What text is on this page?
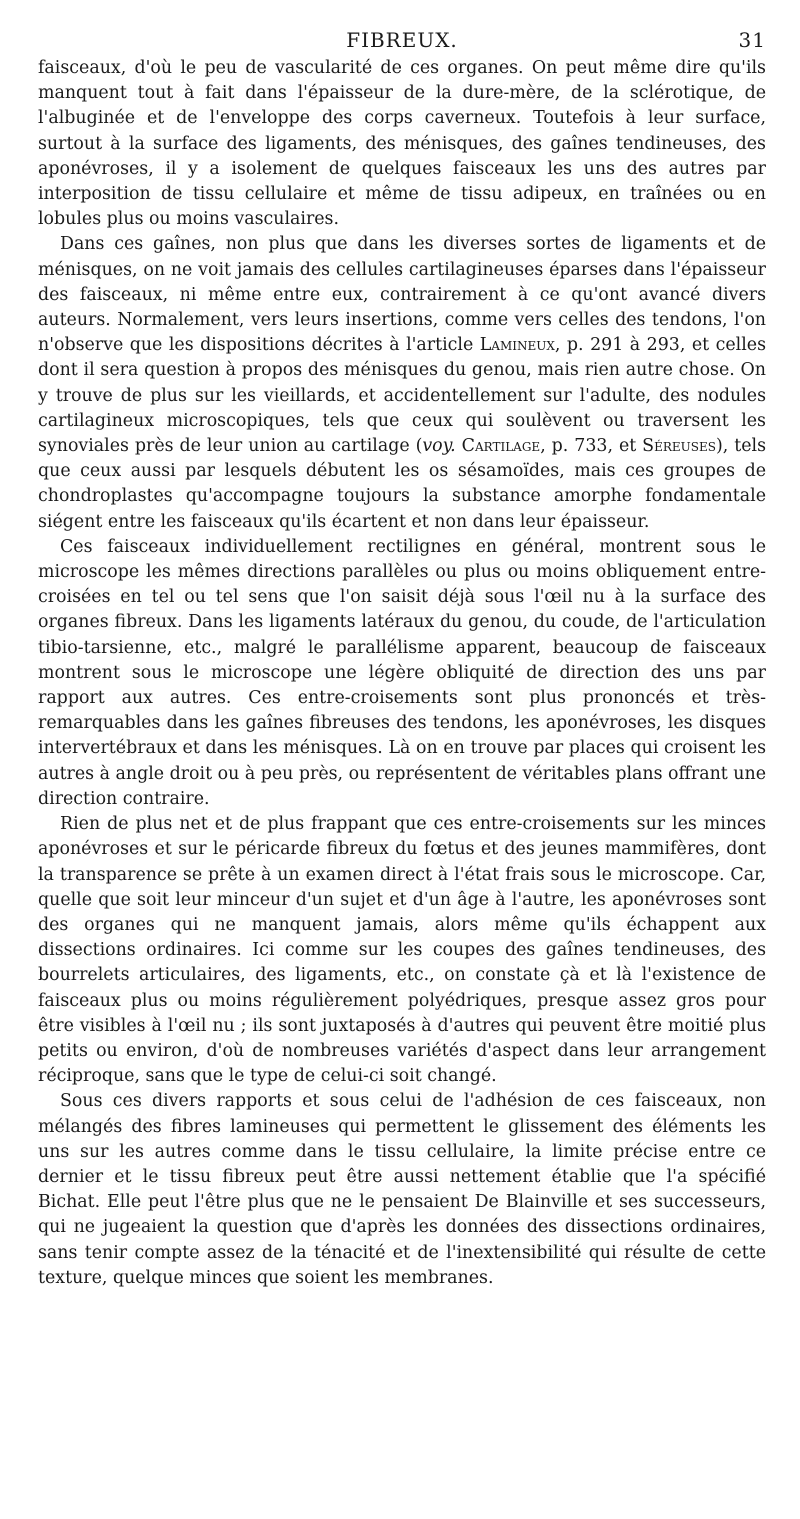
FIBREUX.	31

faisceaux, d'où le peu de vascularité de ces organes. On peut même dire qu'ils manquent tout à fait dans l'épaisseur de la dure-mère, de la sclérotique, de l'albuginée et de l'enveloppe des corps caverneux. Toutefois à leur surface, surtout à la surface des ligaments, des ménisques, des gaînes tendineuses, des aponévroses, il y a isolement de quelques faisceaux les uns des autres par interposition de tissu cellulaire et même de tissu adipeux, en traînées ou en lobules plus ou moins vasculaires.

Dans ces gaînes, non plus que dans les diverses sortes de ligaments et de ménisques, on ne voit jamais des cellules cartilagineuses éparses dans l'épaisseur des faisceaux, ni même entre eux, contrairement à ce qu'ont avancé divers auteurs. Normalement, vers leurs insertions, comme vers celles des tendons, l'on n'observe que les dispositions décrites à l'article Lamineux, p. 291 à 293, et celles dont il sera question à propos des ménisques du genou, mais rien autre chose. On y trouve de plus sur les vieillards, et accidentellement sur l'adulte, des nodules cartilagineux microscopiques, tels que ceux qui soulèvent ou traversent les synoviales près de leur union au cartilage (voy. Cartilage, p. 733, et Séreuses), tels que ceux aussi par lesquels débutent les os sésamoïdes, mais ces groupes de chondroplastes qu'accompagne toujours la substance amorphe fondamentale siégent entre les faisceaux qu'ils écartent et non dans leur épaisseur.

Ces faisceaux individuellement rectilignes en général, montrent sous le microscope les mêmes directions parallèles ou plus ou moins obliquement entre-croisées en tel ou tel sens que l'on saisit déjà sous l'œil nu à la surface des organes fibreux. Dans les ligaments latéraux du genou, du coude, de l'articulation tibio-tarsienne, etc., malgré le parallélisme apparent, beaucoup de faisceaux montrent sous le microscope une légère obliquité de direction des uns par rapport aux autres. Ces entre-croisements sont plus prononcés et très-remarquables dans les gaînes fibreuses des tendons, les aponévroses, les disques intervertébraux et dans les ménisques. Là on en trouve par places qui croisent les autres à angle droit ou à peu près, ou représentent de véritables plans offrant une direction contraire.

Rien de plus net et de plus frappant que ces entre-croisements sur les minces aponévroses et sur le péricarde fibreux du fœtus et des jeunes mammifères, dont la transparence se prête à un examen direct à l'état frais sous le microscope. Car, quelle que soit leur minceur d'un sujet et d'un âge à l'autre, les aponévroses sont des organes qui ne manquent jamais, alors même qu'ils échappent aux dissections ordinaires. Ici comme sur les coupes des gaînes tendineuses, des bourrelets articulaires, des ligaments, etc., on constate çà et là l'existence de faisceaux plus ou moins régulièrement polyédriques, presque assez gros pour être visibles à l'œil nu ; ils sont juxtaposés à d'autres qui peuvent être moitié plus petits ou environ, d'où de nombreuses variétés d'aspect dans leur arrangement réciproque, sans que le type de celui-ci soit changé.

Sous ces divers rapports et sous celui de l'adhésion de ces faisceaux, non mélangés des fibres lamineuses qui permettent le glissement des éléments les uns sur les autres comme dans le tissu cellulaire, la limite précise entre ce dernier et le tissu fibreux peut être aussi nettement établie que l'a spécifié Bichat. Elle peut l'être plus que ne le pensaient De Blainville et ses successeurs, qui ne jugeaient la question que d'après les données des dissections ordinaires, sans tenir compte assez de la ténacité et de l'inextensibilité qui résulte de cette texture, quelque minces que soient les membranes.
